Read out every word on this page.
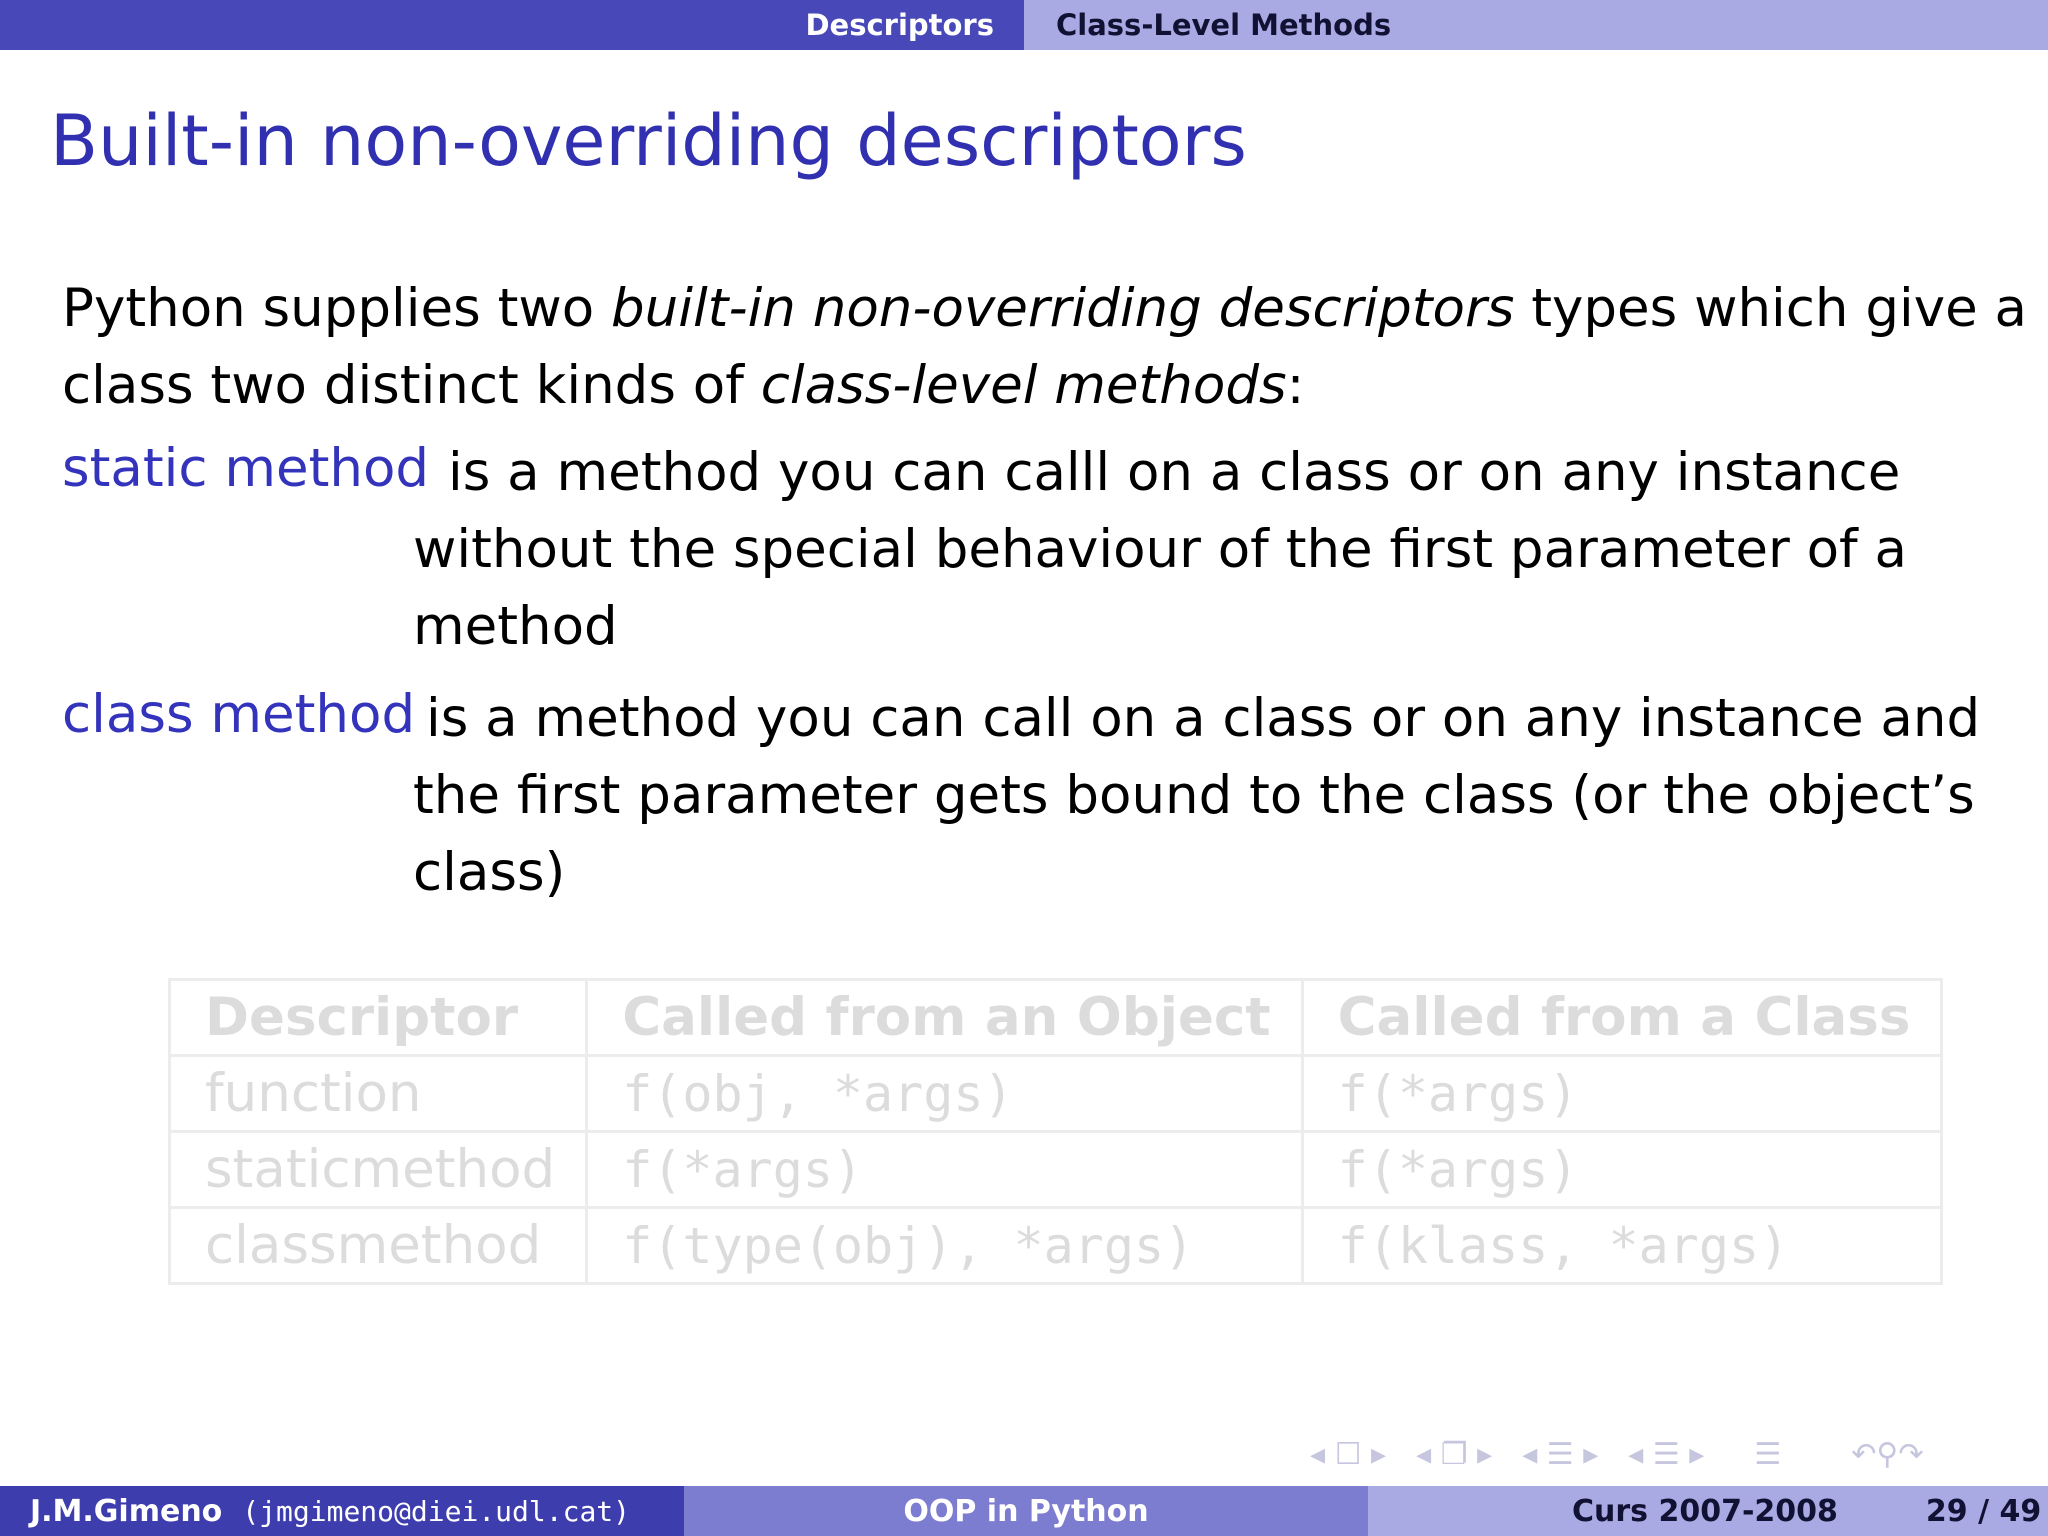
Descriptors	Class-Level Methods
Built-in non-overriding descriptors
Python supplies two built-in non-overriding descriptors types which give a
class two distinct kinds of class-level methods:
static method is a method you can calll on a class or on any instance
without the special behaviour of the first parameter of a
method
class method is a method you can call on a class or on any instance and
the first parameter gets bound to the class (or the object’s
class)
Descriptor	Called from an Object	Called from a Class
function	f(obj, *args)	f(*args)
staticmethod	f(*args)	f(*args)
classmethod	f(type(obj), *args)	f(klass, *args)
◂ ☐ ▸ ◂ ❐ ▸ ◂ ☰ ▸ ◂ ☰ ▸ ☰ ↶⚲↷
J.M.Gimeno (jmgimeno@diei.udl.cat)	OOP in Python	Curs 2007-2008	29 / 49
